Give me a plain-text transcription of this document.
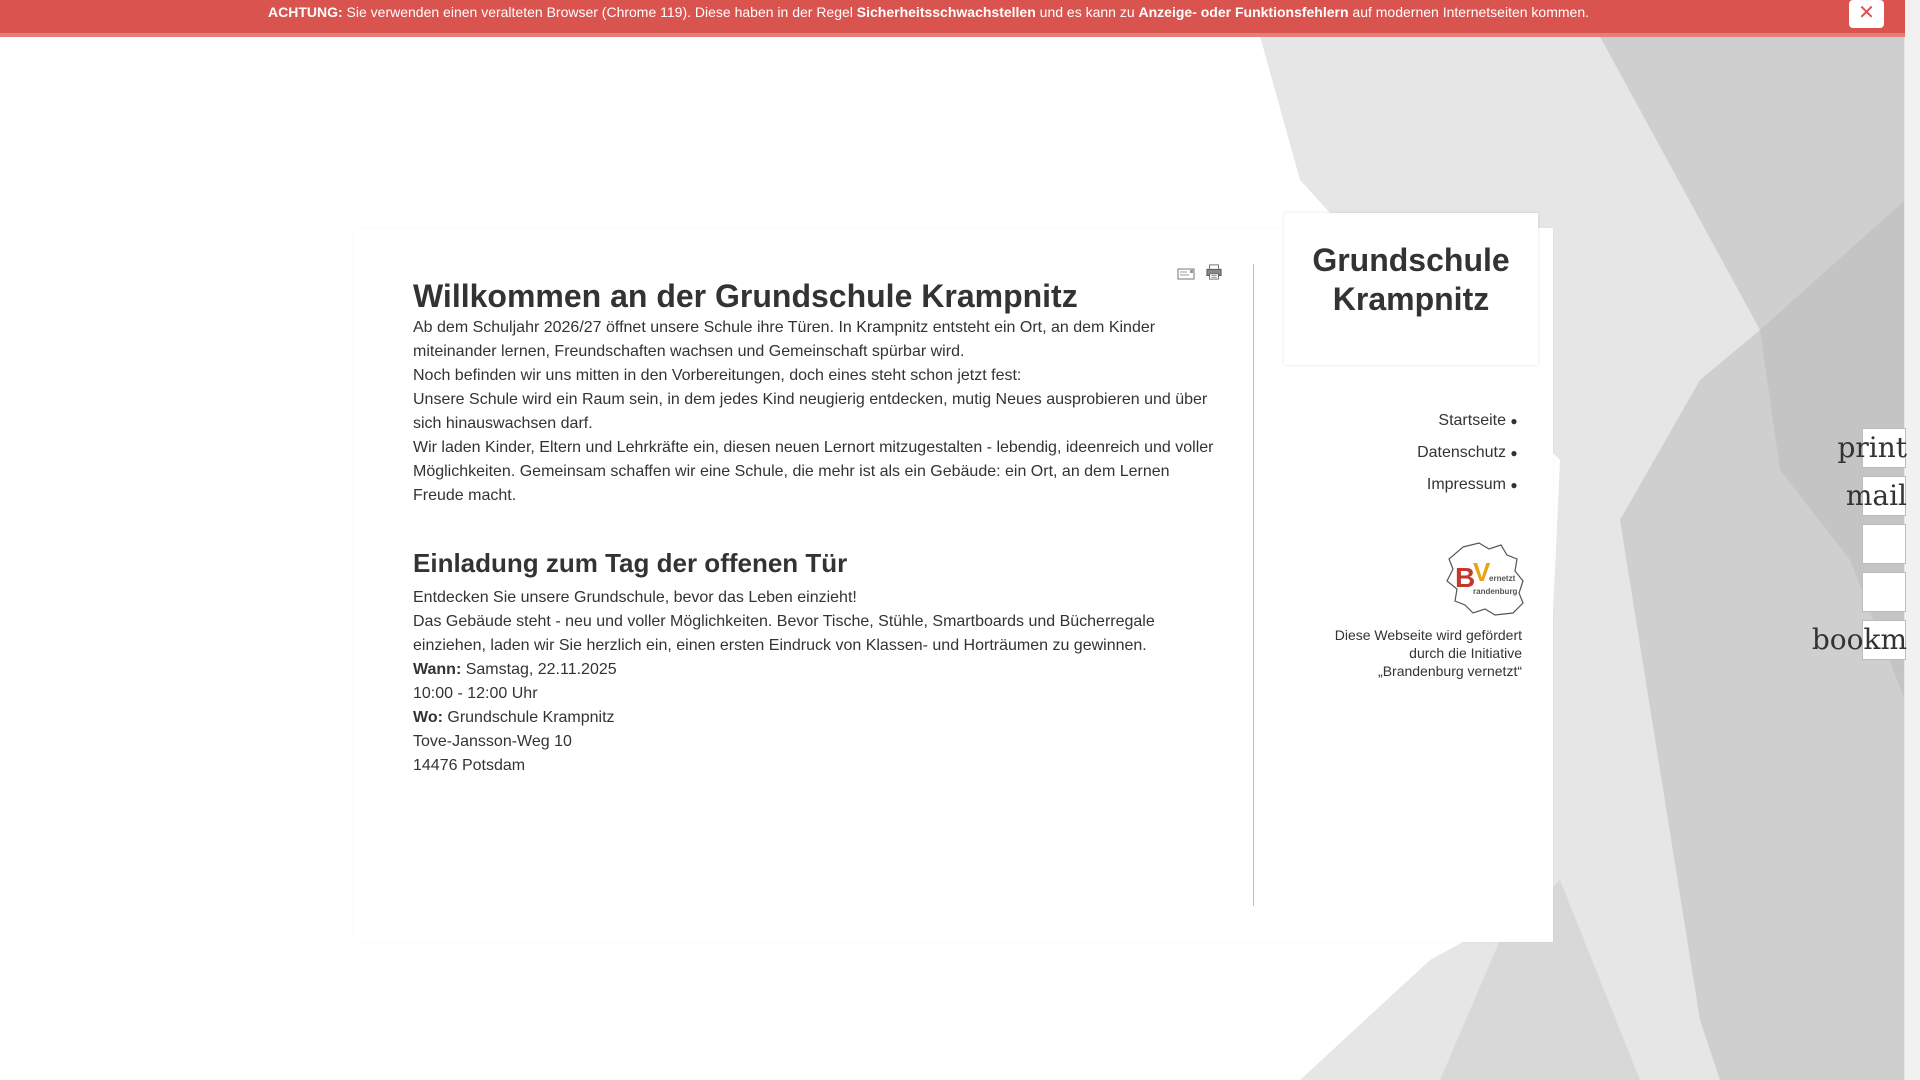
ACHTUNG: Sie verwenden einen veralteten Browser (Chrome 119). Diese haben in der Regel Sicherheitsschwachstellen und es kann zu Anzeige- oder Funktionsfehlern auf modernen Internetseiten kommen.	✕
Willkommen an der Grundschule Krampnitz

Ab dem Schuljahr 2026/27 öffnet unsere Schule ihre Türen. In Krampnitz entsteht ein Ort, an dem Kinder miteinander lernen, Freundschaften wachsen und Gemeinschaft spürbar wird.

Noch befinden wir uns mitten in den Vorbereitungen, doch eines steht schon jetzt fest:

Unsere Schule wird ein Raum sein, in dem jedes Kind neugierig entdecken, mutig Neues ausprobieren und über sich hinauswachsen darf.

Wir laden Kinder, Eltern und Lehrkräfte ein, diesen neuen Lernort mitzugestalten - lebendig, ideenreich und voller Möglichkeiten. Gemeinsam schaffen wir eine Schule, die mehr ist als ein Gebäude: ein Ort, an dem Lernen Freude macht.

Einladung zum Tag der offenen Tür

Entdecken Sie unsere Grundschule, bevor das Leben einzieht!

Das Gebäude steht - neu und voller Möglichkeiten. Bevor Tische, Stühle, Smartboards und Bücherregale einziehen, laden wir Sie herzlich ein, einen ersten Eindruck von Klassen- und Horträumen zu gewinnen.

Wann: Samstag, 22.11.2025

10:00 - 12:00 Uhr

Wo: Grundschule Krampnitz

Tove-Jansson-Weg 10

14476 Potsdam

Grundschule
Krampnitz
Startseite ●
Datenschutz ●
Impressum ●
B
V
ernetzt
randenburg
Diese Webseite wird gefördert
durch die Initiative
„Brandenburg vernetzt“
print
mail
bookm
